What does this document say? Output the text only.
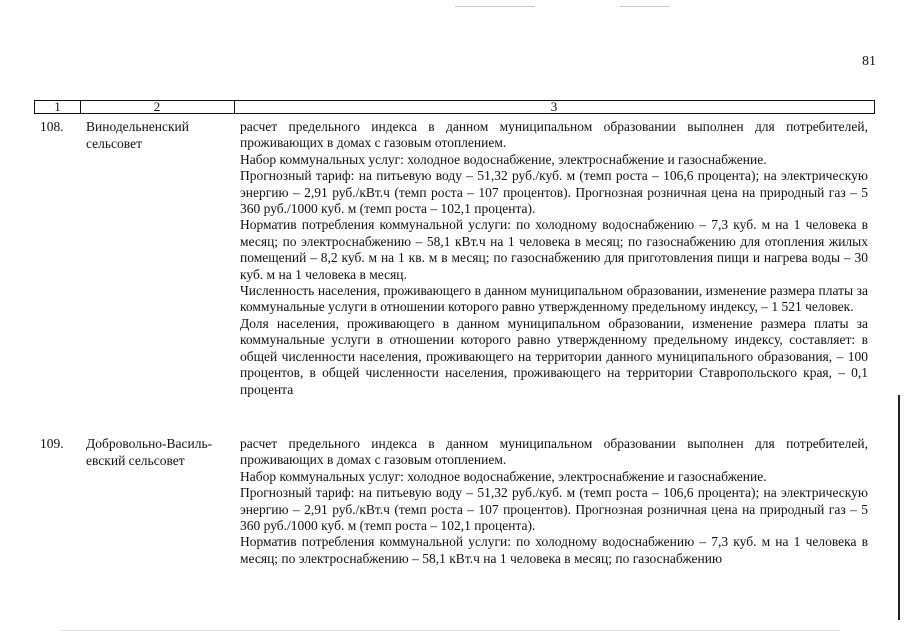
81
1	2	3
108.	Винодельненский сельсовет

расчет предельного индекса в данном муниципальном образовании выполнен для потребителей, проживающих в домах с газовым отоплением.

Набор коммунальных услуг: холодное водоснабжение, электроснабжение и газоснабжение.

Прогнозный тариф: на питьевую воду – 51,32 руб./куб. м (темп роста – 106,6 процента); на электрическую энергию – 2,91 руб./кВт.ч (темп роста – 107 процентов). Прогнозная розничная цена на природный газ – 5 360 руб./1000 куб. м (темп роста – 102,1 процента).

Норматив потребления коммунальной услуги: по холодному водоснабжению – 7,3 куб. м на 1 человека в месяц; по электроснабжению – 58,1 кВт.ч на 1 человека в месяц; по газоснабжению для отопления жилых помещений – 8,2 куб. м на 1 кв. м в месяц; по газоснабжению для приготовления пищи и нагрева воды – 30 куб. м на 1 человека в месяц.

Численность населения, проживающего в данном муниципальном образовании, изменение размера платы за коммунальные услуги в отношении которого равно утвержденному предельному индексу, – 1 521 человек.

Доля населения, проживающего в данном муниципальном образовании, изменение размера платы за коммунальные услуги в отношении которого равно утвержденному предельному индексу, составляет: в общей численности населения, проживающего на территории данного муниципального образования, – 100 процентов, в общей численности населения, проживающего на территории Ставропольского края, – 0,1 процента

109.	Добровольно-Васильевский сельсовет

расчет предельного индекса в данном муниципальном образовании выполнен для потребителей, проживающих в домах с газовым отоплением.

Набор коммунальных услуг: холодное водоснабжение, электроснабжение и газоснабжение.

Прогнозный тариф: на питьевую воду – 51,32 руб./куб. м (темп роста – 106,6 процента); на электрическую энергию – 2,91 руб./кВт.ч (темп роста – 107 процентов). Прогнозная розничная цена на природный газ – 5 360 руб./1000 куб. м (темп роста – 102,1 процента).

Норматив потребления коммунальной услуги: по холодному водоснабжению – 7,3 куб. м на 1 человека в месяц; по электроснабжению – 58,1 кВт.ч на 1 человека в месяц; по газоснабжению
